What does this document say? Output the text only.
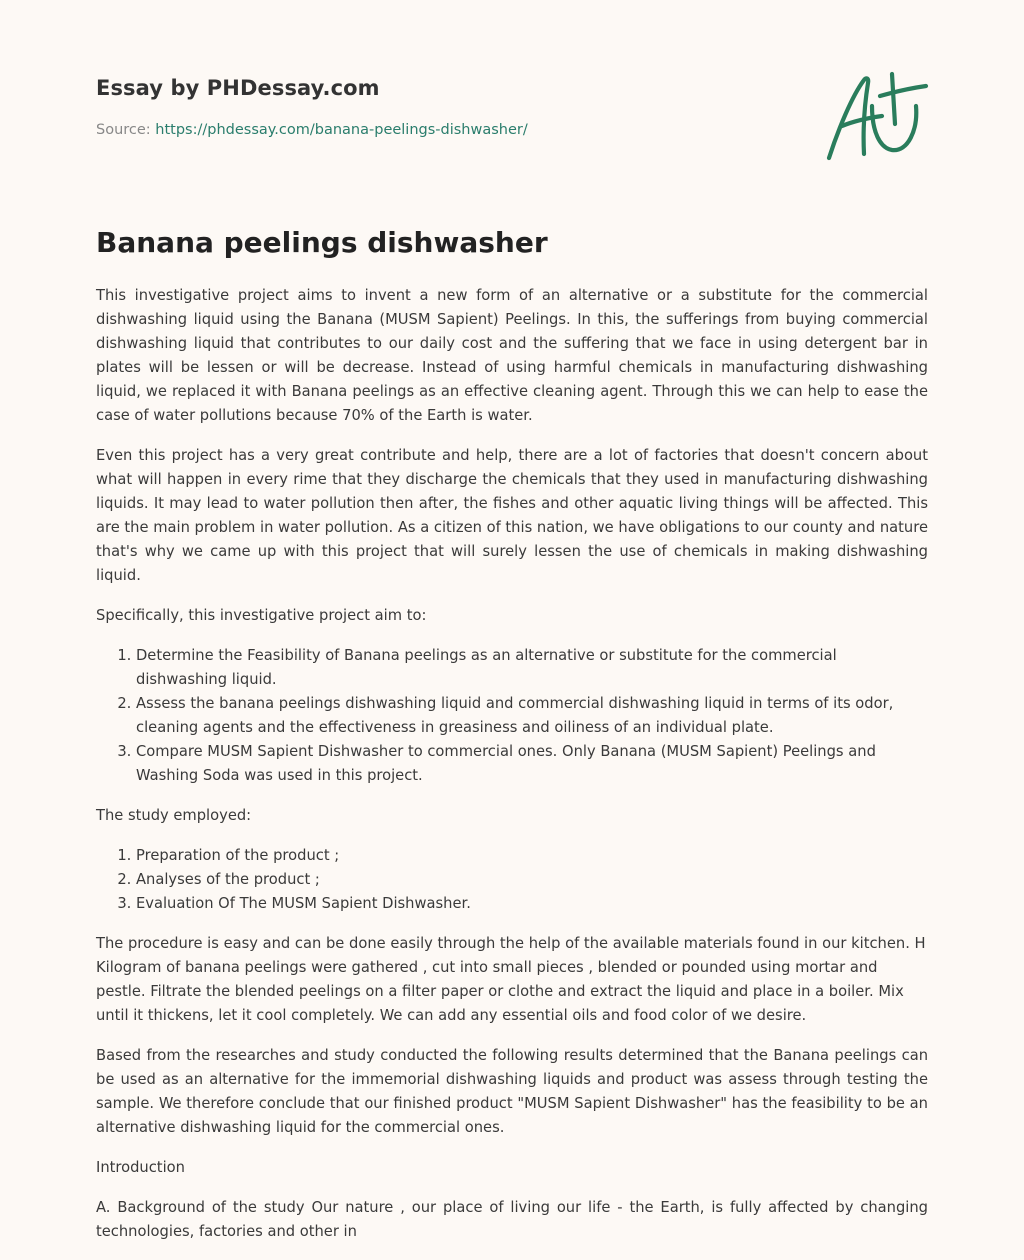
Essay by PHDessay.com
Source: https://phdessay.com/banana-peelings-dishwasher/
Banana peelings dishwasher

This investigative project aims to invent a new form of an alternative or a substitute for the commercial dishwashing liquid using the Banana (MUSM Sapient) Peelings. In this, the sufferings from buying commercial dishwashing liquid that contributes to our daily cost and the suffering that we face in using detergent bar in plates will be lessen or will be decrease. Instead of using harmful chemicals in manufacturing dishwashing liquid, we replaced it with Banana peelings as an effective cleaning agent. Through this we can help to ease the case of water pollutions because 70% of the Earth is water.

Even this project has a very great contribute and help, there are a lot of factories that doesn't concern about what will happen in every rime that they discharge the chemicals that they used in manufacturing dishwashing liquids. It may lead to water pollution then after, the fishes and other aquatic living things will be affected. This are the main problem in water pollution. As a citizen of this nation, we have obligations to our county and nature that's why we came up with this project that will surely lessen the use of chemicals in making dishwashing liquid.

Specifically, this investigative project aim to:

1. Determine the Feasibility of Banana peelings as an alternative or substitute for the commercial dishwashing liquid.
2. Assess the banana peelings dishwashing liquid and commercial dishwashing liquid in terms of its odor, cleaning agents and the effectiveness in greasiness and oiliness of an individual plate.
3. Compare MUSM Sapient Dishwasher to commercial ones. Only Banana (MUSM Sapient) Peelings and Washing Soda was used in this project.

The study employed:

1. Preparation of the product ;
2. Analyses of the product ;
3. Evaluation Of The MUSM Sapient Dishwasher.

The procedure is easy and can be done easily through the help of the available materials found in our kitchen. H Kilogram of banana peelings were gathered , cut into small pieces , blended or pounded using mortar and pestle. Filtrate the blended peelings on a filter paper or clothe and extract the liquid and place in a boiler. Mix until it thickens, let it cool completely. We can add any essential oils and food color of we desire.

Based from the researches and study conducted the following results determined that the Banana peelings can be used as an alternative for the immemorial dishwashing liquids and product was assess through testing the sample. We therefore conclude that our finished product "MUSM Sapient Dishwasher" has the feasibility to be an alternative dishwashing liquid for the commercial ones.

Introduction

A. Background of the study Our nature , our place of living our life - the Earth, is fully affected by changing technologies, factories and other in
